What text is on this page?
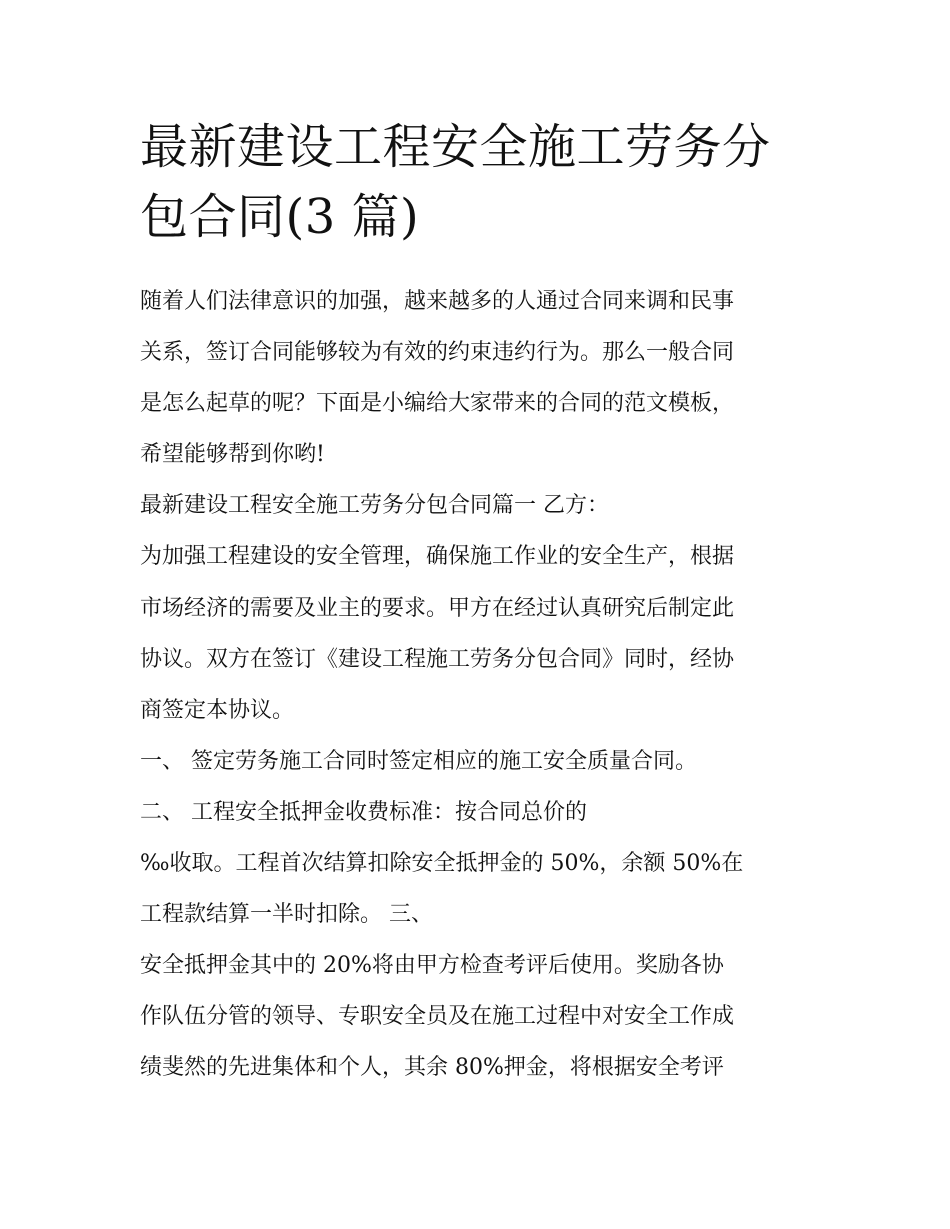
最新建设工程安全施工劳务分
包合同(3 篇)
随着人们法律意识的加强，越来越多的人通过合同来调和民事
关系，签订合同能够较为有效的约束违约行为。那么一般合同
是怎么起草的呢？下面是小编给大家带来的合同的范文模板，
希望能够帮到你哟!
最新建设工程安全施工劳务分包合同篇一 乙方：
为加强工程建设的安全管理，确保施工作业的安全生产，根据
市场经济的需要及业主的要求。甲方在经过认真研究后制定此
协议。双方在签订《建设工程施工劳务分包合同》同时，经协
商签定本协议。
一、 签定劳务施工合同时签定相应的施工安全质量合同。
二、 工程安全抵押金收费标准：按合同总价的
‰收取。工程首次结算扣除安全抵押金的 50%，余额 50%在
工程款结算一半时扣除。 三、
安全抵押金其中的 20%将由甲方检查考评后使用。奖励各协
作队伍分管的领导、专职安全员及在施工过程中对安全工作成
绩斐然的先进集体和个人，其余 80%押金，将根据安全考评
